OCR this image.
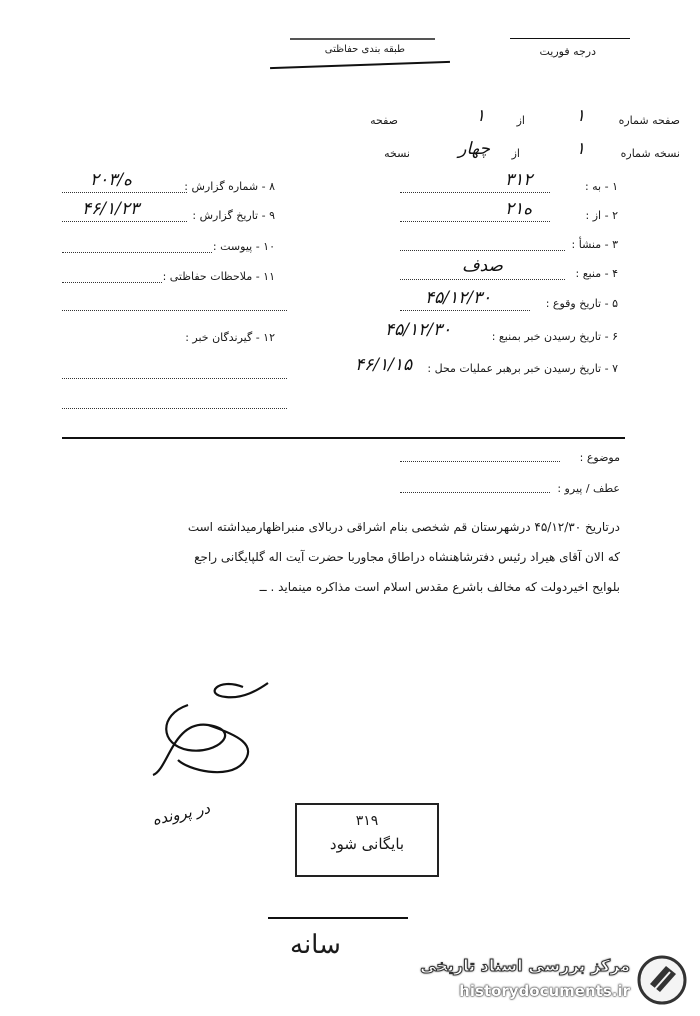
طبقه بندی حفاظتی	درجه فوریت
صفحه شماره
۱
از
۱
صفحه
نسخه شماره
۱
از
چهار
نسخه
۱ - به :
۳۱۲
۲ - از :
۲۱ه
۳ - منشأ :
۴ - منبع :
صدف
۵ - تاریخ وقوع :
۴۵/۱۲/۳۰
۶ - تاریخ رسیدن خبر بمنبع :
۴۵/۱۲/۳۰
۷ - تاریخ رسیدن خبر برهبر عملیات محل :
۴۶/۱/۱۵
۸ - شماره گزارش :
۲۰۳/ه
۹ - تاریخ گزارش :
۴۶/۱/۲۳
۱۰ - پیوست :
۱۱ - ملاحظات حفاظتی :
۱۲ - گیرندگان خبر :
موضوع :
عطف / پیرو :
درتاریخ ۴۵/۱۲/۳۰ درشهرستان قم شخصی بنام اشراقی درباﻻی منبراظهارمیداشته است
که اﻻن آقای هیراد رئیس دفترشاهنشاه دراطاق مجاوربا حضرت آیت اله گلپایگانی راجع
بلوایح اخیردولت که مخالف باشرع مقدس اسلام است مذاکره مینماید . ــ
در پرونده	۳۱۹
بایگانی شود
سانه
مرکز بررسی اسناد تاریخی
historydocuments.ir
